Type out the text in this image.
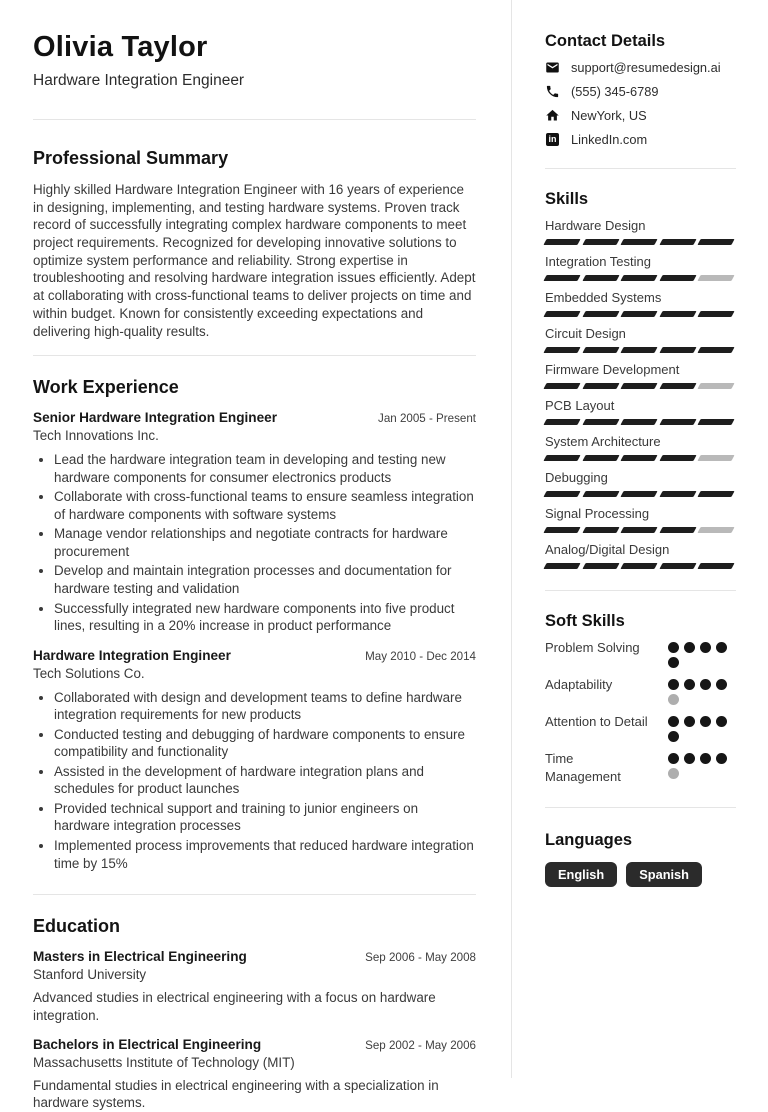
Olivia Taylor
Hardware Integration Engineer
Professional Summary

Highly skilled Hardware Integration Engineer with 16 years of experience in designing, implementing, and testing hardware systems. Proven track record of successfully integrating complex hardware components to meet project requirements. Recognized for developing innovative solutions to optimize system performance and reliability. Strong expertise in troubleshooting and resolving hardware integration issues efficiently. Adept at collaborating with cross-functional teams to deliver projects on time and within budget. Known for consistently exceeding expectations and delivering high-quality results.

Work Experience
Senior Hardware Integration Engineer	Jan 2005 - Present
Tech Innovations Inc.
• Lead the hardware integration team in developing and testing new hardware components for consumer electronics products
• Collaborate with cross-functional teams to ensure seamless integration of hardware components with software systems
• Manage vendor relationships and negotiate contracts for hardware procurement
• Develop and maintain integration processes and documentation for hardware testing and validation
• Successfully integrated new hardware components into five product lines, resulting in a 20% increase in product performance
Hardware Integration Engineer	May 2010 - Dec 2014
Tech Solutions Co.
• Collaborated with design and development teams to define hardware integration requirements for new products
• Conducted testing and debugging of hardware components to ensure compatibility and functionality
• Assisted in the development of hardware integration plans and schedules for product launches
• Provided technical support and training to junior engineers on hardware integration processes
• Implemented process improvements that reduced hardware integration time by 15%
Education
Masters in Electrical Engineering	Sep 2006 - May 2008
Stanford University

Advanced studies in electrical engineering with a focus on hardware integration.

Bachelors in Electrical Engineering	Sep 2002 - May 2006
Massachusetts Institute of Technology (MIT)

Fundamental studies in electrical engineering with a specialization in hardware systems.

Contact Details
support@resumedesign.ai
(555) 345-6789
NewYork, US
in LinkedIn.com
Skills
Hardware Design
Integration Testing
Embedded Systems
Circuit Design
Firmware Development
PCB Layout
System Architecture
Debugging
Signal Processing
Analog/Digital Design
Soft Skills
Problem Solving
Adaptability
Attention to Detail
Time Management
Languages
English	Spanish
